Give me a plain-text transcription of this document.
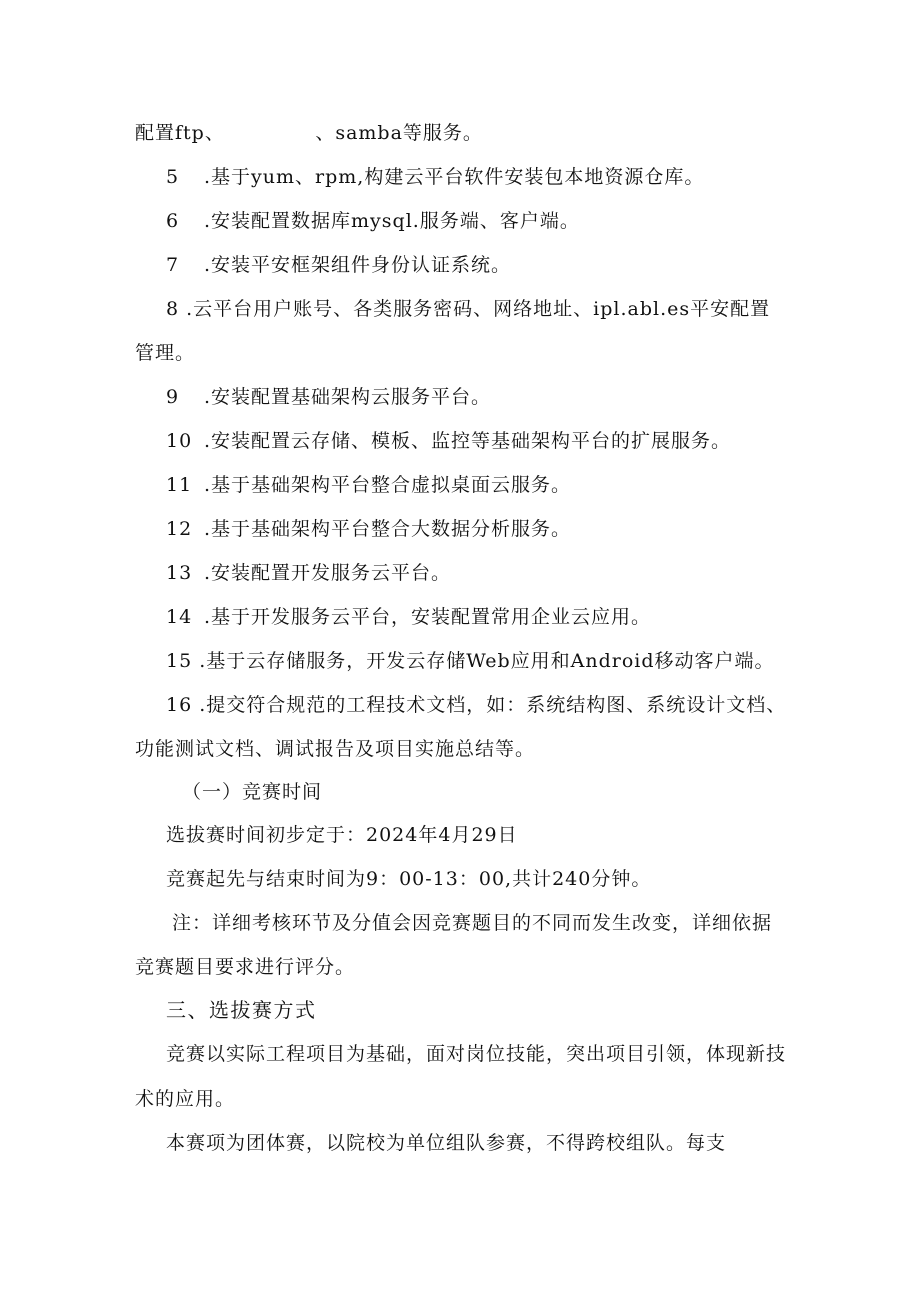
配置ftp、　　　　　、samba等服务。
5 .基于yum、rpm,构建云平台软件安装包本地资源仓库。
6 .安装配置数据库mysql.服务端、客户端。
7 .安装平安框架组件身份认证系统。
8 .云平台用户账号、各类服务密码、网络地址、ipl.abl.es平安配置
管理。
9 .安装配置基础架构云服务平台。
10 .安装配置云存储、模板、监控等基础架构平台的扩展服务。
11 .基于基础架构平台整合虚拟桌面云服务。
12 .基于基础架构平台整合大数据分析服务。
13 .安装配置开发服务云平台。
14 .基于开发服务云平台，安装配置常用企业云应用。
15 .基于云存储服务，开发云存储Web应用和Android移动客户端。
16 .提交符合规范的工程技术文档，如：系统结构图、系统设计文档、
功能测试文档、调试报告及项目实施总结等。
（一）竞赛时间
选拔赛时间初步定于：2024年4月29日
竞赛起先与结束时间为9：00-13：00,共计240分钟。
注：详细考核环节及分值会因竞赛题目的不同而发生改变，详细依据
竞赛题目要求进行评分。
三、选拔赛方式
竞赛以实际工程项目为基础，面对岗位技能，突出项目引领，体现新技
术的应用。
本赛项为团体赛，以院校为单位组队参赛，不得跨校组队。每支
